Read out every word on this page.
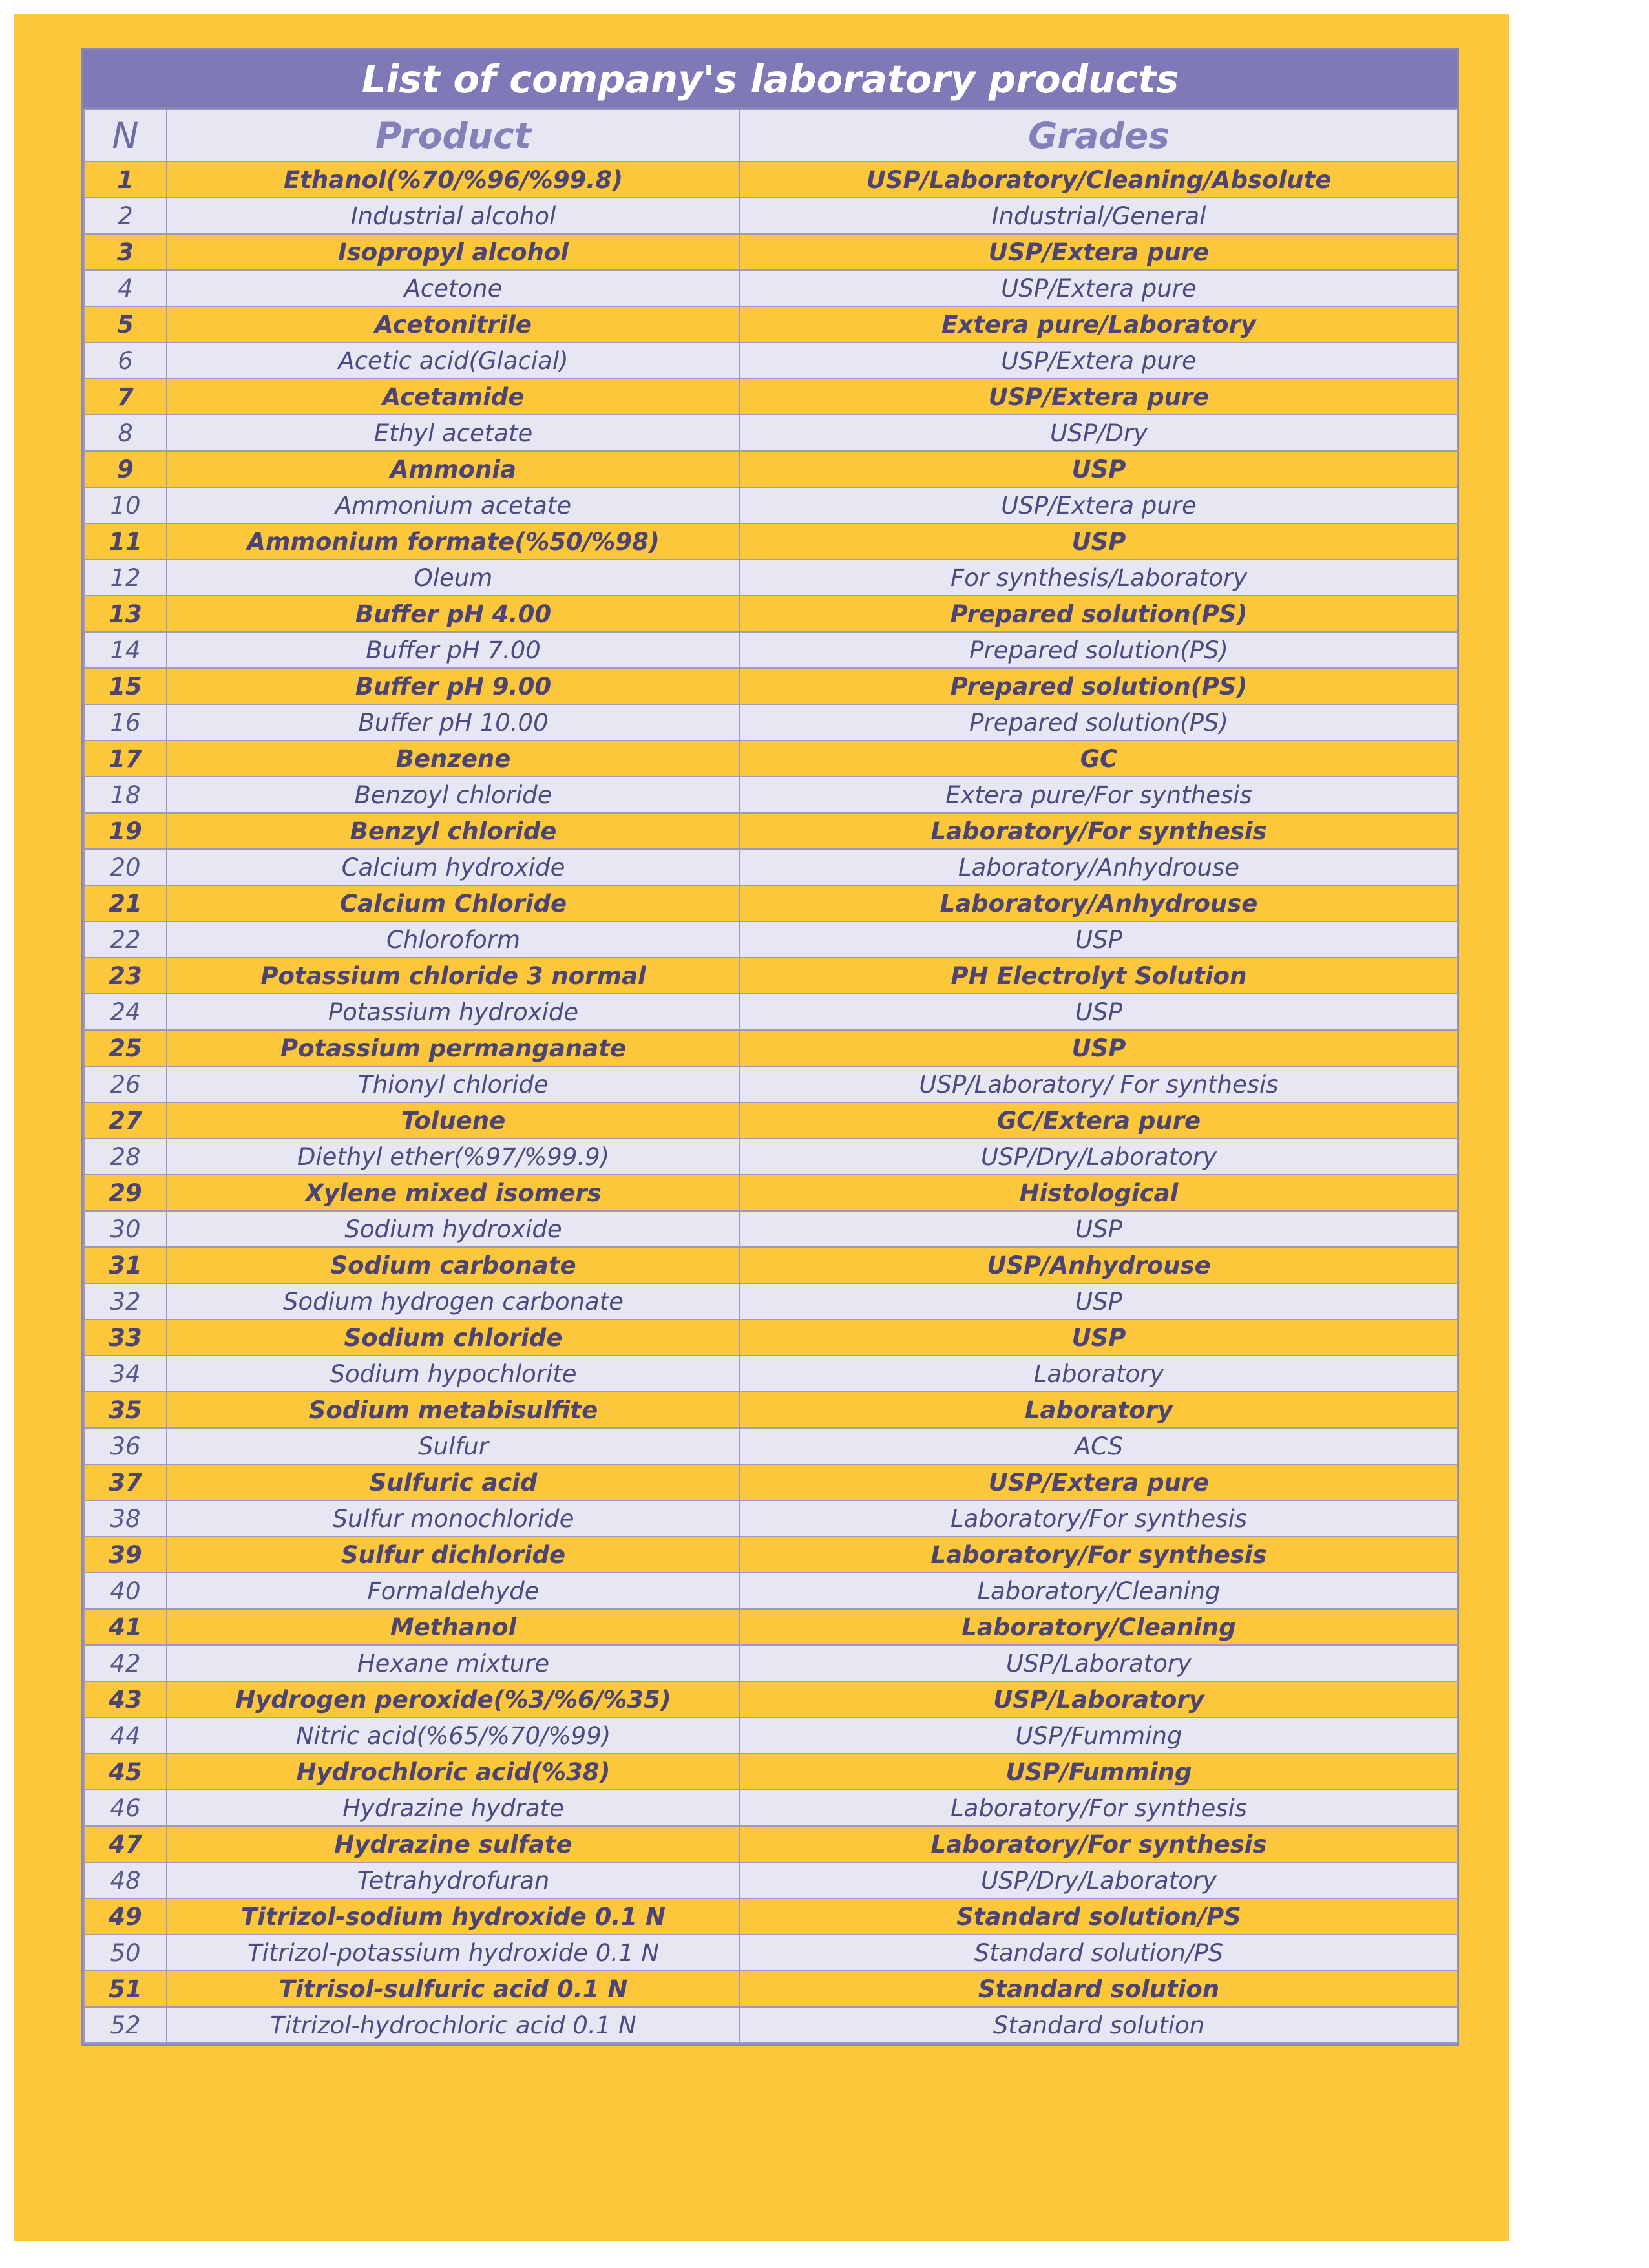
List of company's laboratory products
N	Product	Grades
1	Ethanol(%70/%96/%99.8)	USP/Laboratory/Cleaning/Absolute
2	Industrial alcohol	Industrial/General
3	Isopropyl alcohol	USP/Extera pure
4	Acetone	USP/Extera pure
5	Acetonitrile	Extera pure/Laboratory
6	Acetic acid(Glacial)	USP/Extera pure
7	Acetamide	USP/Extera pure
8	Ethyl acetate	USP/Dry
9	Ammonia	USP
10	Ammonium acetate	USP/Extera pure
11	Ammonium formate(%50/%98)	USP
12	Oleum	For synthesis/Laboratory
13	Buffer pH 4.00	Prepared solution(PS)
14	Buffer pH 7.00	Prepared solution(PS)
15	Buffer pH 9.00	Prepared solution(PS)
16	Buffer pH 10.00	Prepared solution(PS)
17	Benzene	GC
18	Benzoyl chloride	Extera pure/For synthesis
19	Benzyl chloride	Laboratory/For synthesis
20	Calcium hydroxide	Laboratory/Anhydrouse
21	Calcium Chloride	Laboratory/Anhydrouse
22	Chloroform	USP
23	Potassium chloride 3 normal	PH Electrolyt Solution
24	Potassium hydroxide	USP
25	Potassium permanganate	USP
26	Thionyl chloride	USP/Laboratory/ For synthesis
27	Toluene	GC/Extera pure
28	Diethyl ether(%97/%99.9)	USP/Dry/Laboratory
29	Xylene mixed isomers	Histological
30	Sodium hydroxide	USP
31	Sodium carbonate	USP/Anhydrouse
32	Sodium hydrogen carbonate	USP
33	Sodium chloride	USP
34	Sodium hypochlorite	Laboratory
35	Sodium metabisulfite	Laboratory
36	Sulfur	ACS
37	Sulfuric acid	USP/Extera pure
38	Sulfur monochloride	Laboratory/For synthesis
39	Sulfur dichloride	Laboratory/For synthesis
40	Formaldehyde	Laboratory/Cleaning
41	Methanol	Laboratory/Cleaning
42	Hexane mixture	USP/Laboratory
43	Hydrogen peroxide(%3/%6/%35)	USP/Laboratory
44	Nitric acid(%65/%70/%99)	USP/Fumming
45	Hydrochloric acid(%38)	USP/Fumming
46	Hydrazine hydrate	Laboratory/For synthesis
47	Hydrazine sulfate	Laboratory/For synthesis
48	Tetrahydrofuran	USP/Dry/Laboratory
49	Titrizol-sodium hydroxide 0.1 N	Standard solution/PS
50	Titrizol-potassium hydroxide 0.1 N	Standard solution/PS
51	Titrisol-sulfuric acid 0.1 N	Standard solution
52	Titrizol-hydrochloric acid 0.1 N	Standard solution
